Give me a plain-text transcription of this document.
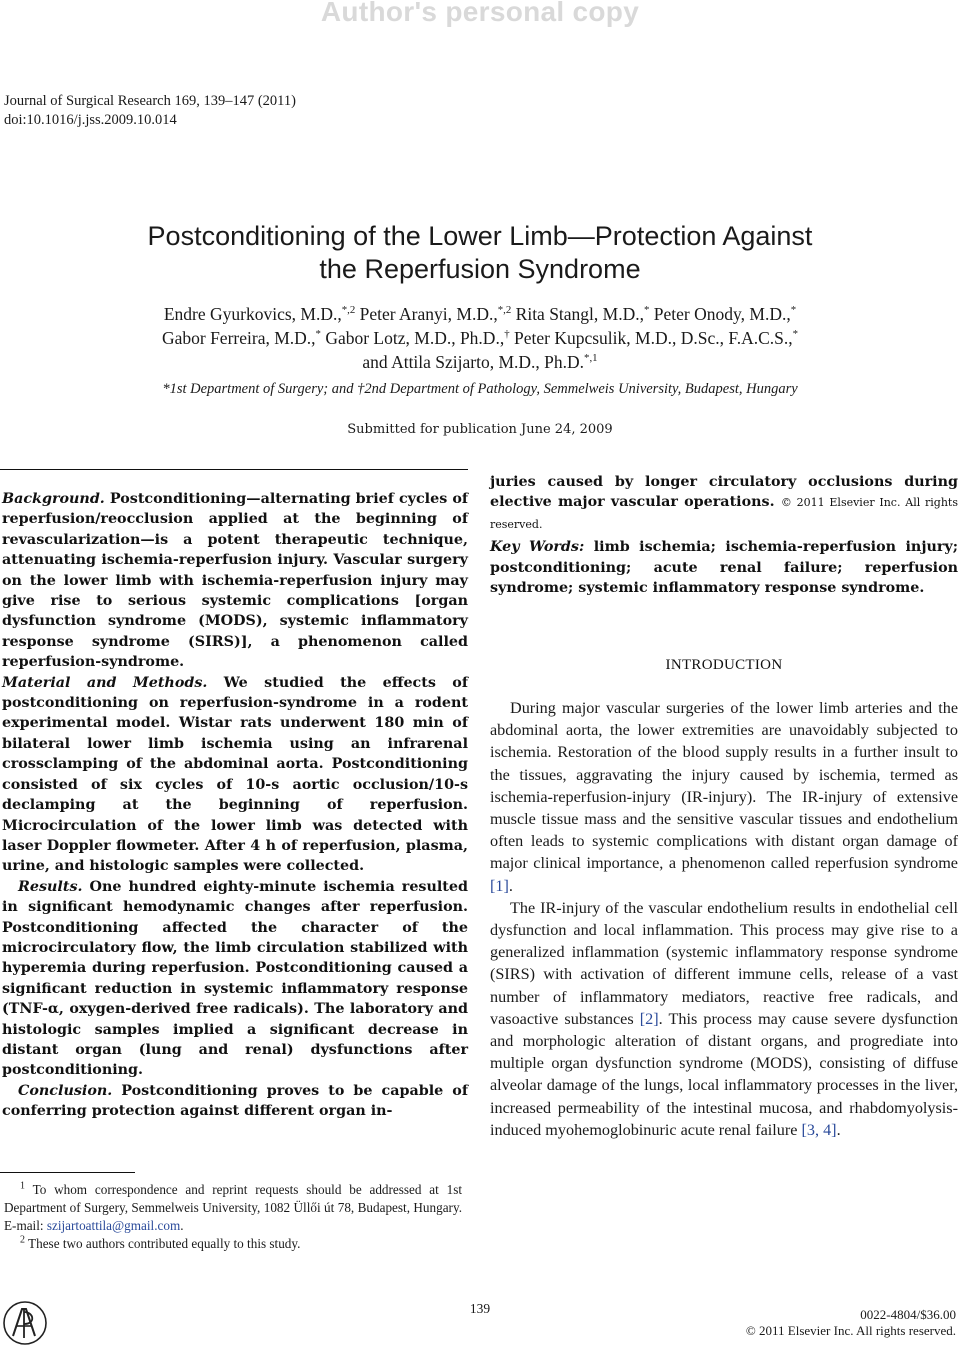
Author's personal copy
Journal of Surgical Research 169, 139–147 (2011)
doi:10.1016/j.jss.2009.10.014
Postconditioning of the Lower Limb—Protection Against
the Reperfusion Syndrome
Endre Gyurkovics, M.D.,$^{*,2}$ Peter Aranyi, M.D.,$^{*,2}$ Rita Stangl, M.D.,* Peter Onody, M.D.,*
Gabor Ferreira, M.D.,* Gabor Lotz, M.D., Ph.D.,† Peter Kupcsulik, M.D., D.Sc., F.A.C.S.,*
and Attila Szijarto, M.D., Ph.D.$^{*,1}$
*1st Department of Surgery; and †2nd Department of Pathology, Semmelweis University, Budapest, Hungary
Submitted for publication June 24, 2009

Background. Postconditioning—alternating brief cycles of reperfusion/reocclusion applied at the beginning of revascularization—is a potent therapeutic technique, attenuating ischemia-reperfusion injury. Vascular surgery on the lower limb with ischemia-reperfusion injury may give rise to serious systemic complications [organ dysfunction syndrome (MODS), systemic inflammatory response syndrome (SIRS)], a phenomenon called reperfusion-syndrome.

Material and Methods. We studied the effects of postconditioning on reperfusion-syndrome in a rodent experimental model. Wistar rats underwent 180 min of bilateral lower limb ischemia using an infrarenal crossclamping of the abdominal aorta. Postconditioning consisted of six cycles of 10-s aortic occlusion/10-s declamping at the beginning of reperfusion. Microcirculation of the lower limb was detected with laser Doppler flowmeter. After 4 h of reperfusion, plasma, urine, and histologic samples were collected.

Results. One hundred eighty-minute ischemia resulted in significant hemodynamic changes after reperfusion. Postconditioning affected the character of the microcirculatory flow, the limb circulation stabilized with hyperemia during reperfusion. Postconditioning caused a significant reduction in systemic inflammatory response (TNF-α, oxygen-derived free radicals). The laboratory and histologic samples implied a significant decrease in distant organ (lung and renal) dysfunctions after postconditioning.

Conclusion. Postconditioning proves to be capable of conferring protection against different organ in-

juries caused by longer circulatory occlusions during elective major vascular operations. © 2011 Elsevier Inc. All rights reserved.

Key Words: limb ischemia; ischemia-reperfusion injury; postconditioning; acute renal failure; reperfusion syndrome; systemic inflammatory response syndrome.

INTRODUCTION

During major vascular surgeries of the lower limb arteries and the abdominal aorta, the lower extremities are unavoidably subjected to ischemia. Restoration of the blood supply results in a further insult to the tissues, aggravating the injury caused by ischemia, termed as ischemia-reperfusion-injury (IR-injury). The IR-injury of extensive muscle tissue mass and the sensitive vascular tissues and endothelium often leads to systemic complications with distant organ damage of major clinical importance, a phenomenon called reperfusion syndrome [1].

The IR-injury of the vascular endothelium results in endothelial cell dysfunction and local inflammation. This process may give rise to a generalized inflammation (systemic inflammatory response syndrome (SIRS) with activation of different immune cells, release of a vast number of inflammatory mediators, reactive free radicals, and vasoactive substances [2]. This process may cause severe dysfunction and morphologic alteration of distant organs, and progrediate into multiple organ dysfunction syndrome (MODS), consisting of diffuse alveolar damage of the lungs, local inflammatory processes in the liver, increased permeability of the intestinal mucosa, and rhabdomyolysis-induced myohemoglobinuric acute renal failure [3, 4].

$^1$ To whom correspondence and reprint requests should be addressed at 1st Department of Surgery, Semmelweis University, 1082 Üllői út 78, Budapest, Hungary. E-mail: szijartoattila@gmail.com.

$^2$ These two authors contributed equally to this study.

139	0022-4804/$36.00
© 2011 Elsevier Inc. All rights reserved.
